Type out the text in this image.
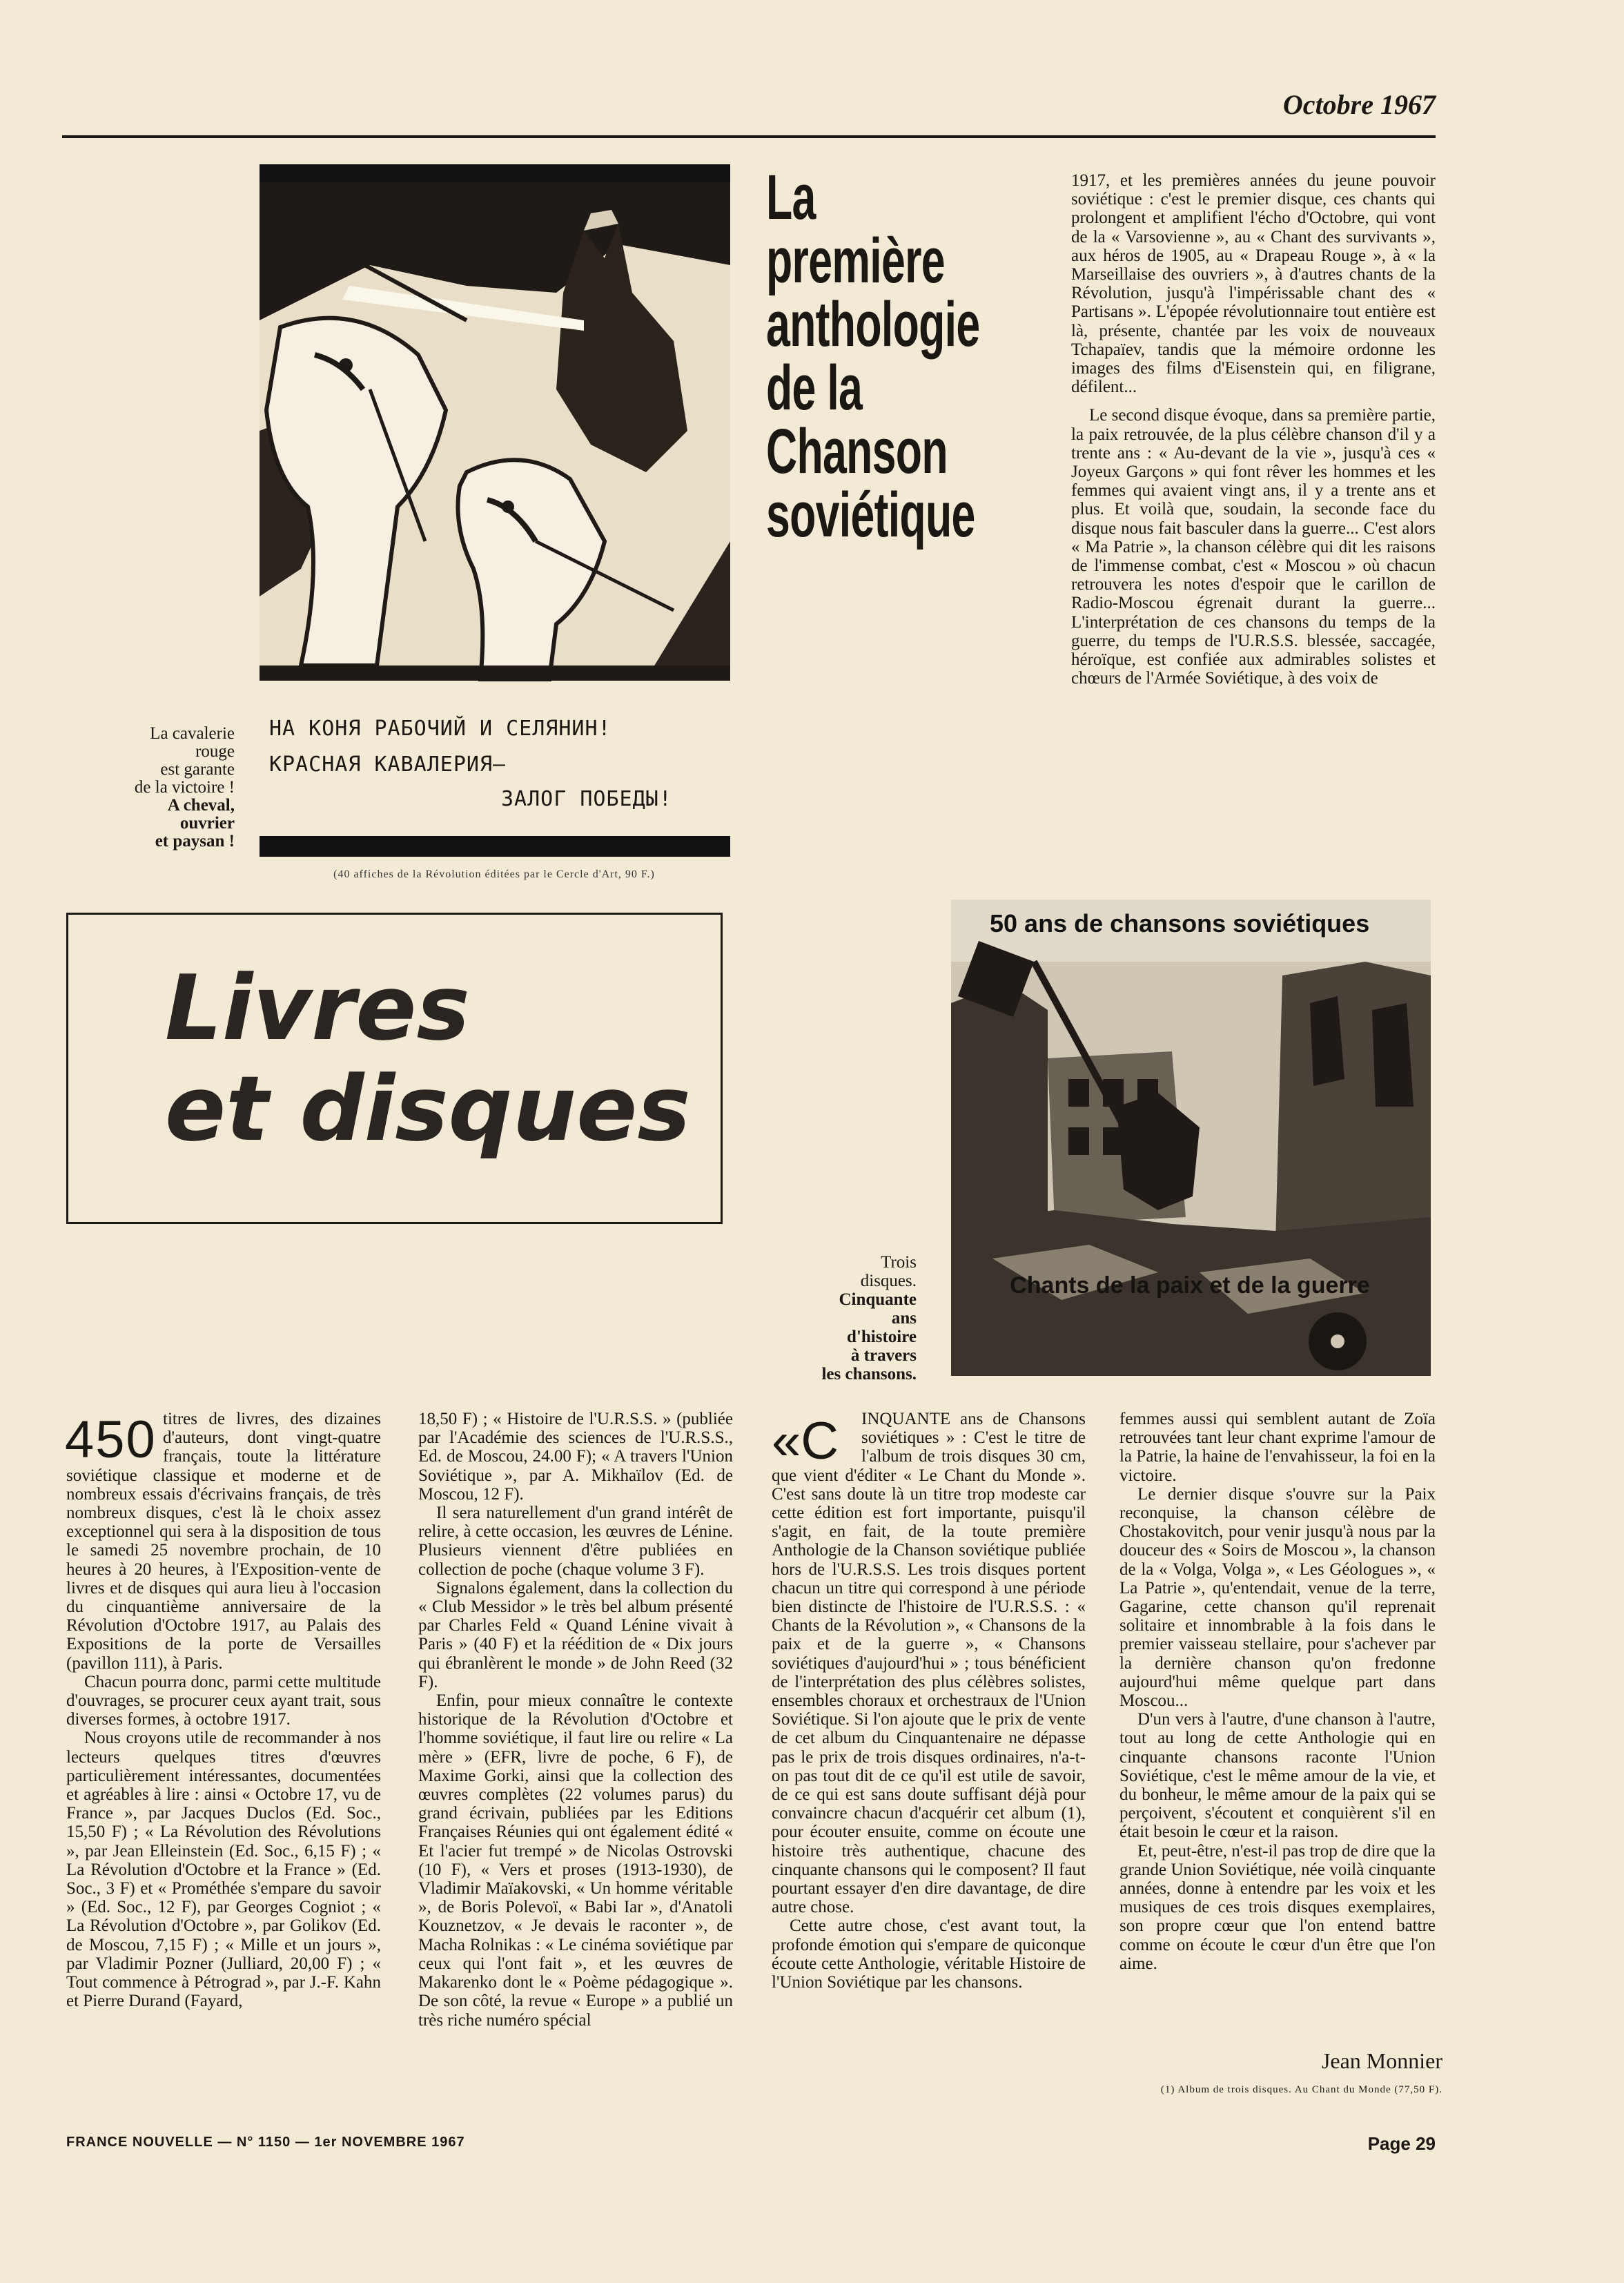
Octobre 1967
НА КОНЯ РАБОЧИЙ И СЕЛЯНИН!
КРАСНАЯ КАВАЛЕРИЯ—
ЗАЛОГ ПОБЕДЫ!
La cavalerie
rouge
est garante
de la victoire !
A cheval,
ouvrier
et paysan !
(40 affiches de la Révolution éditées par le Cercle d'Art, 90 F.)
La
première
anthologie
de la
Chanson
soviétique

1917, et les premières années du jeune pouvoir soviétique : c'est le premier disque, ces chants qui prolongent et amplifient l'écho d'Octobre, qui vont de la « Varsovienne », au « Chant des survivants », aux héros de 1905, au « Drapeau Rouge », à « la Marseillaise des ouvriers », à d'autres chants de la Révolution, jusqu'à l'impérissable chant des « Partisans ». L'épopée révolutionnaire tout entière est là, présente, chantée par les voix de nouveaux Tchapaïev, tandis que la mémoire ordonne les images des films d'Eisenstein qui, en filigrane, défilent...

Le second disque évoque, dans sa première partie, la paix retrouvée, de la plus célèbre chanson d'il y a trente ans : « Au-devant de la vie », jusqu'à ces « Joyeux Garçons » qui font rêver les hommes et les femmes qui avaient vingt ans, il y a trente ans et plus. Et voilà que, soudain, la seconde face du disque nous fait basculer dans la guerre... C'est alors « Ma Patrie », la chanson célèbre qui dit les raisons de l'immense combat, c'est « Moscou » où chacun retrouvera les notes d'espoir que le carillon de Radio-Moscou égrenait durant la guerre... L'interprétation de ces chansons du temps de la guerre, du temps de l'U.R.S.S. blessée, saccagée, héroïque, est confiée aux admirables solistes et chœurs de l'Armée Soviétique, à des voix de

Livres
et disques
50 ans de chansons soviétiques
Chants de la paix et de la guerre
Trois
disques.
Cinquante
ans
d'histoire
à travers
les chansons.
450	18,50 F) ; « Histoire de l'U.R.S.S. » (publiée par l'Académie des sciences de l'U.R.S.S., Ed. de Moscou, 24.00 F); « A travers l'Union Soviétique », par A. Mikhaïlov (Ed. de Moscou, 12 F).

Il sera naturellement d'un grand intérêt de relire, à cette occasion, les œuvres de Lénine. Plusieurs viennent d'être publiées en collection de poche (chaque volume 3 F).

Signalons également, dans la collection du « Club Messidor » le très bel album présenté par Charles Feld « Quand Lénine vivait à Paris » (40 F) et la réédition de « Dix jours qui ébranlèrent le monde » de John Reed (32 F).

Enfin, pour mieux connaître le contexte historique de la Révolution d'Octobre et l'homme soviétique, il faut lire ou relire « La mère » (EFR, livre de poche, 6 F), de Maxime Gorki, ainsi que la collection des œuvres complètes (22 volumes parus) du grand écrivain, publiées par les Editions Françaises Réunies qui ont également édité « Et l'acier fut trempé » de Nicolas Ostrovski (10 F), « Vers et proses (1913-1930), de Vladimir Maïakovski, « Un homme véritable », de Boris Polevoï, « Babi Iar », d'Anatoli Kouznetzov, « Je devais le raconter », de Macha Rolnikas : « Le cinéma soviétique par ceux qui l'ont fait », et les œuvres de Makarenko dont le « Poème pédagogique ». De son côté, la revue « Europe » a publié un très riche numéro spécial

«C	INQUANTE ans de Chansons soviétiques » : C'est le titre de l'album de trois disques 30 cm, que vient d'éditer « Le Chant du Monde ». C'est sans doute là un titre trop modeste car cette édition est fort importante, puisqu'il s'agit, en fait, de la toute première Anthologie de la Chanson soviétique publiée hors de l'U.R.S.S. Les trois disques portent chacun un titre qui correspond à une période bien distincte de l'histoire de l'U.R.S.S. : « Chants de la Révolution », « Chansons de la paix et de la guerre », « Chansons soviétiques d'aujourd'hui » ; tous bénéficient de l'interprétation des plus célèbres solistes, ensembles choraux et orchestraux de l'Union Soviétique. Si l'on ajoute que le prix de vente de cet album du Cinquantenaire ne dépasse pas le prix de trois disques ordinaires, n'a-t-on pas tout dit de ce qu'il est utile de savoir, de ce qui est sans doute suffisant déjà pour convaincre chacun d'acquérir cet album (1), pour écouter ensuite, comme on écoute une histoire très authentique, chacune des cinquante chansons qui le composent? Il faut pourtant essayer d'en dire davantage, de dire autre chose.

Cette autre chose, c'est avant tout, la profonde émotion qui s'empare de quiconque écoute cette Anthologie, véritable Histoire de l'Union Soviétique par les chansons.

femmes aussi qui semblent autant de Zoïa retrouvées tant leur chant exprime l'amour de la Patrie, la haine de l'envahisseur, la foi en la victoire.

Le dernier disque s'ouvre sur la Paix reconquise, la chanson célèbre de Chostakovitch, pour venir jusqu'à nous par la douceur des « Soirs de Moscou », la chanson de la « Volga, Volga », « Les Géologues », « La Patrie », qu'entendait, venue de la terre, Gagarine, cette chanson qu'il reprenait solitaire et innombrable à la fois dans le premier vaisseau stellaire, pour s'achever par la dernière chanson qu'on fredonne aujourd'hui même quelque part dans Moscou...

D'un vers à l'autre, d'une chanson à l'autre, tout au long de cette Anthologie qui en cinquante chansons raconte l'Union Soviétique, c'est le même amour de la vie, et du bonheur, le même amour de la paix qui se perçoivent, s'écoutent et conquièrent s'il en était besoin le cœur et la raison.

Et, peut-être, n'est-il pas trop de dire que la grande Union Soviétique, née voilà cinquante années, donne à entendre par les voix et les musiques de ces trois disques exemplaires, son propre cœur que l'on entend battre comme on écoute le cœur d'un être que l'on aime.

Jean Monnier
(1) Album de trois disques. Au Chant du Monde (77,50 F).

titres de livres, des dizaines d'auteurs, dont vingt-quatre français, toute la littérature soviétique classique et moderne et de nombreux essais d'écrivains français, de très nombreux disques, c'est là le choix assez exceptionnel qui sera à la disposition de tous le samedi 25 novembre prochain, de 10 heures à 20 heures, à l'Exposition-vente de livres et de disques qui aura lieu à l'occasion du cinquantième anniversaire de la Révolution d'Octobre 1917, au Palais des Expositions de la porte de Versailles (pavillon 111), à Paris.

Chacun pourra donc, parmi cette multitude d'ouvrages, se procurer ceux ayant trait, sous diverses formes, à octobre 1917.

Nous croyons utile de recommander à nos lecteurs quelques titres d'œuvres particulièrement intéressantes, documentées et agréables à lire : ainsi « Octobre 17, vu de France », par Jacques Duclos (Ed. Soc., 15,50 F) ; « La Révolution des Révolutions », par Jean Elleinstein (Ed. Soc., 6,15 F) ; « La Révolution d'Octobre et la France » (Ed. Soc., 3 F) et « Prométhée s'empare du savoir » (Ed. Soc., 12 F), par Georges Cogniot ; « La Révolution d'Octobre », par Golikov (Ed. de Moscou, 7,15 F) ; « Mille et un jours », par Vladimir Pozner (Julliard, 20,00 F) ; « Tout commence à Pétrograd », par J.-F. Kahn et Pierre Durand (Fayard,

FRANCE NOUVELLE — N° 1150 — 1er NOVEMBRE 1967	Page 29
